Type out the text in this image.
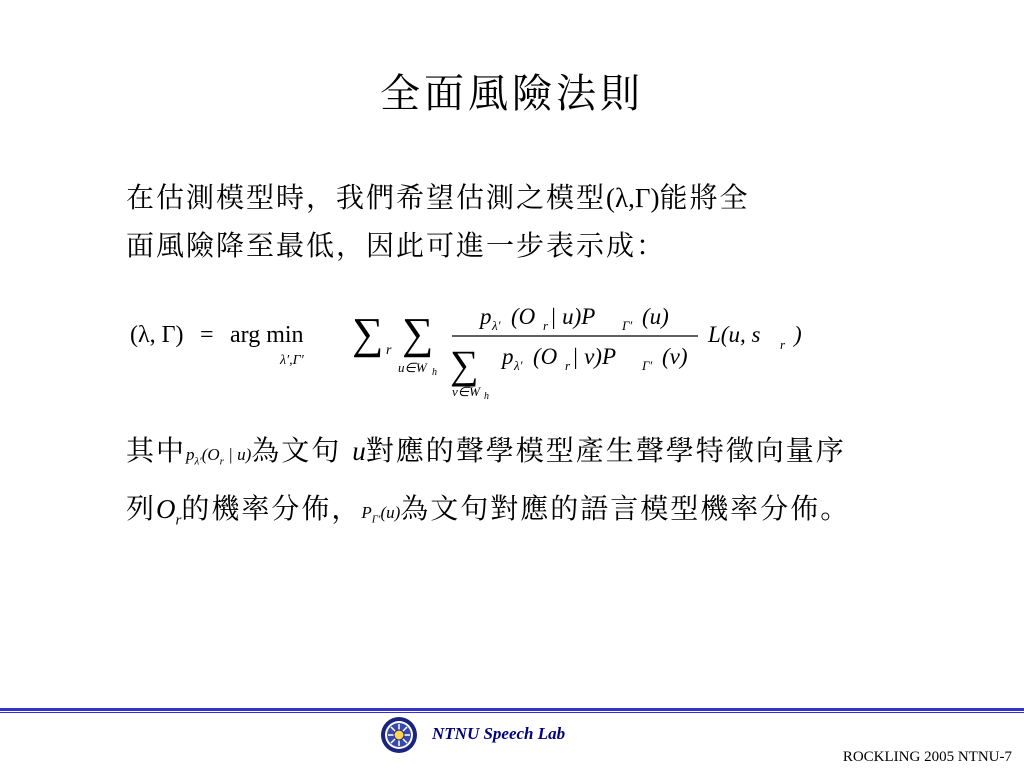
全面風險法則
在估測模型時，我們希望估測之模型(λ,Γ)能將全
面風險降至最低，因此可進一步表示成：
(λ, Γ) = arg min
λ′,Γ′
∑ r ∑
u∈W h
p λ′ (O r | u)P Γ′ (u)
∑
v∈W h
p λ′ (O r | v)P Γ′ (v)
L(u, s r )
其中$p_{\lambda'}(O_r$ | u)為文句 u對應的聲學模型產生聲學特徵向量序
列$O_r$的機率分佈，$P_{\Gamma'}(u)$為文句對應的語言模型機率分佈。
NTNU Speech Lab
ROCKLING 2005 NTNU-7
